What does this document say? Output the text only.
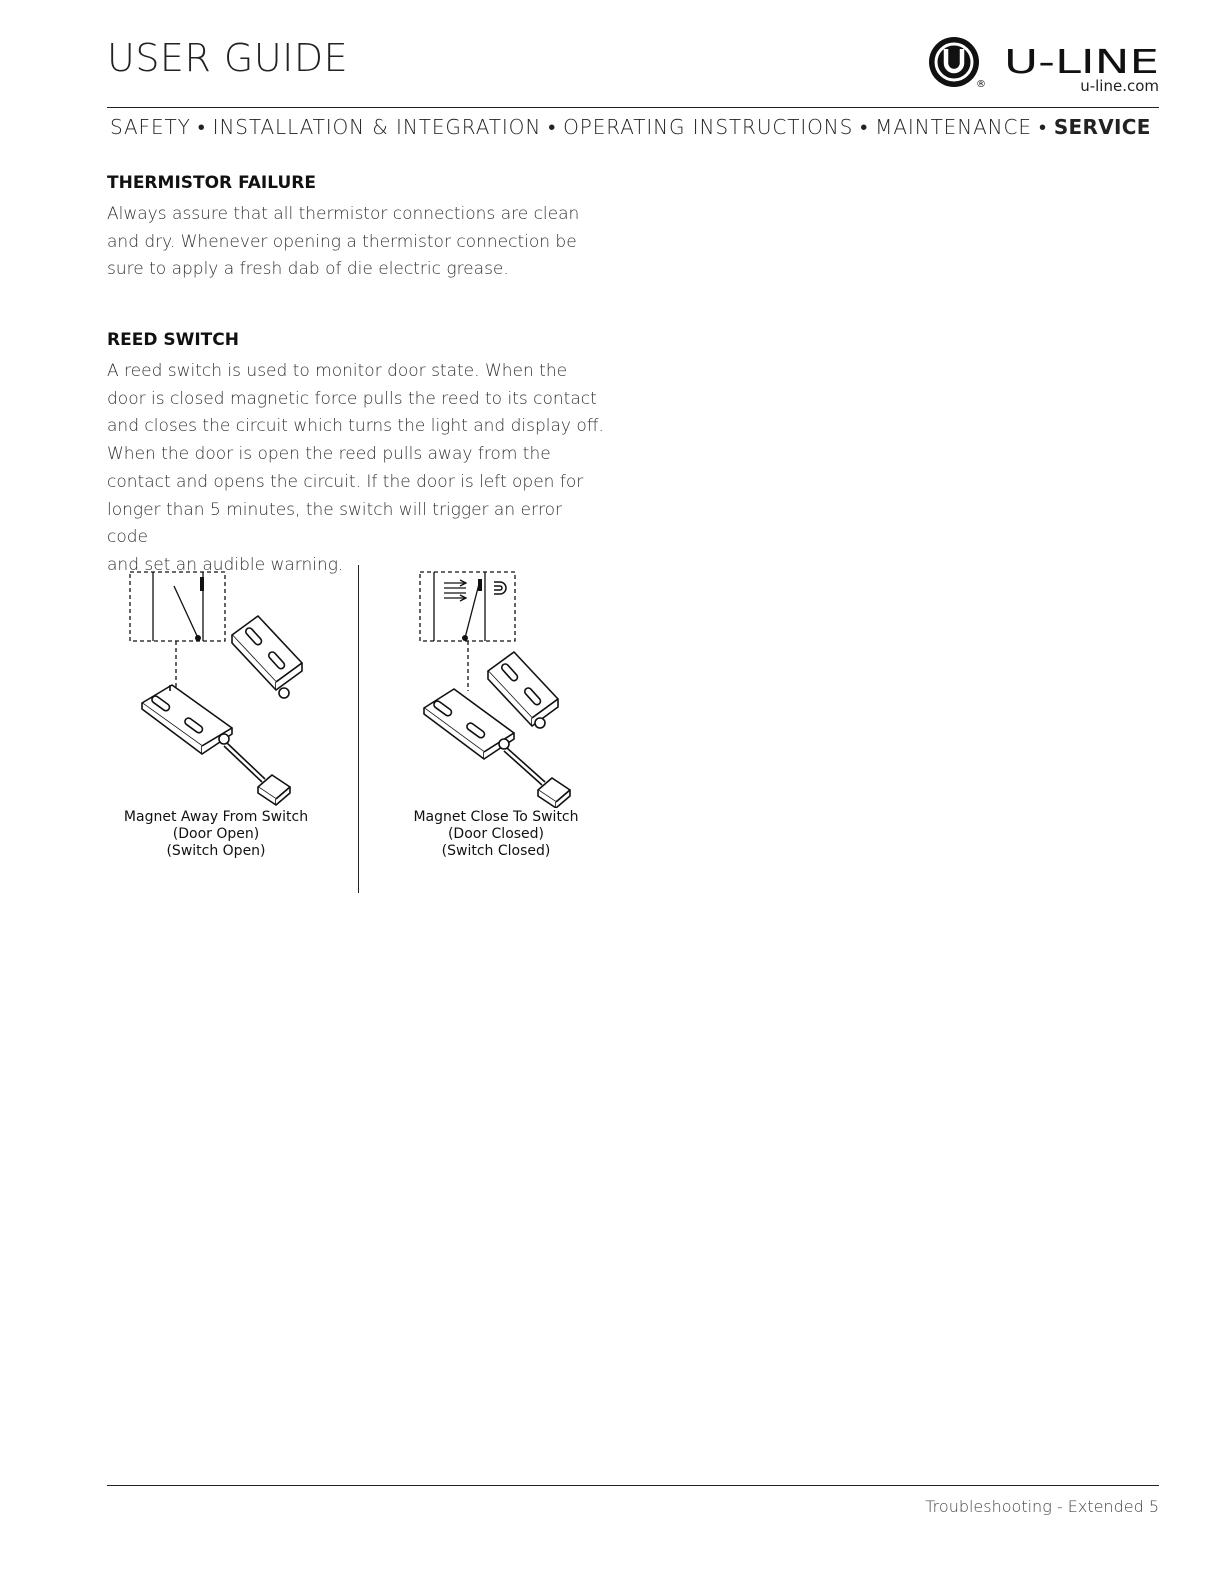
USER GUIDE
®
U-LINE
u-line.com
SAFETY • INSTALLATION & INTEGRATION • OPERATING INSTRUCTIONS • MAINTENANCE • SERVICE
THERMISTOR FAILURE

Always assure that all thermistor connections are clean
and dry. Whenever opening a thermistor connection be
sure to apply a fresh dab of die electric grease.

REED SWITCH

A reed switch is used to monitor door state. When the
door is closed magnetic force pulls the reed to its contact
and closes the circuit which turns the light and display off.
When the door is open the reed pulls away from the
contact and opens the circuit. If the door is left open for
longer than 5 minutes, the switch will trigger an error code
and set an audible warning.

Magnet Away From Switch
(Door Open)
(Switch Open)
Magnet Close To Switch
(Door Closed)
(Switch Closed)
Troubleshooting - Extended 5
